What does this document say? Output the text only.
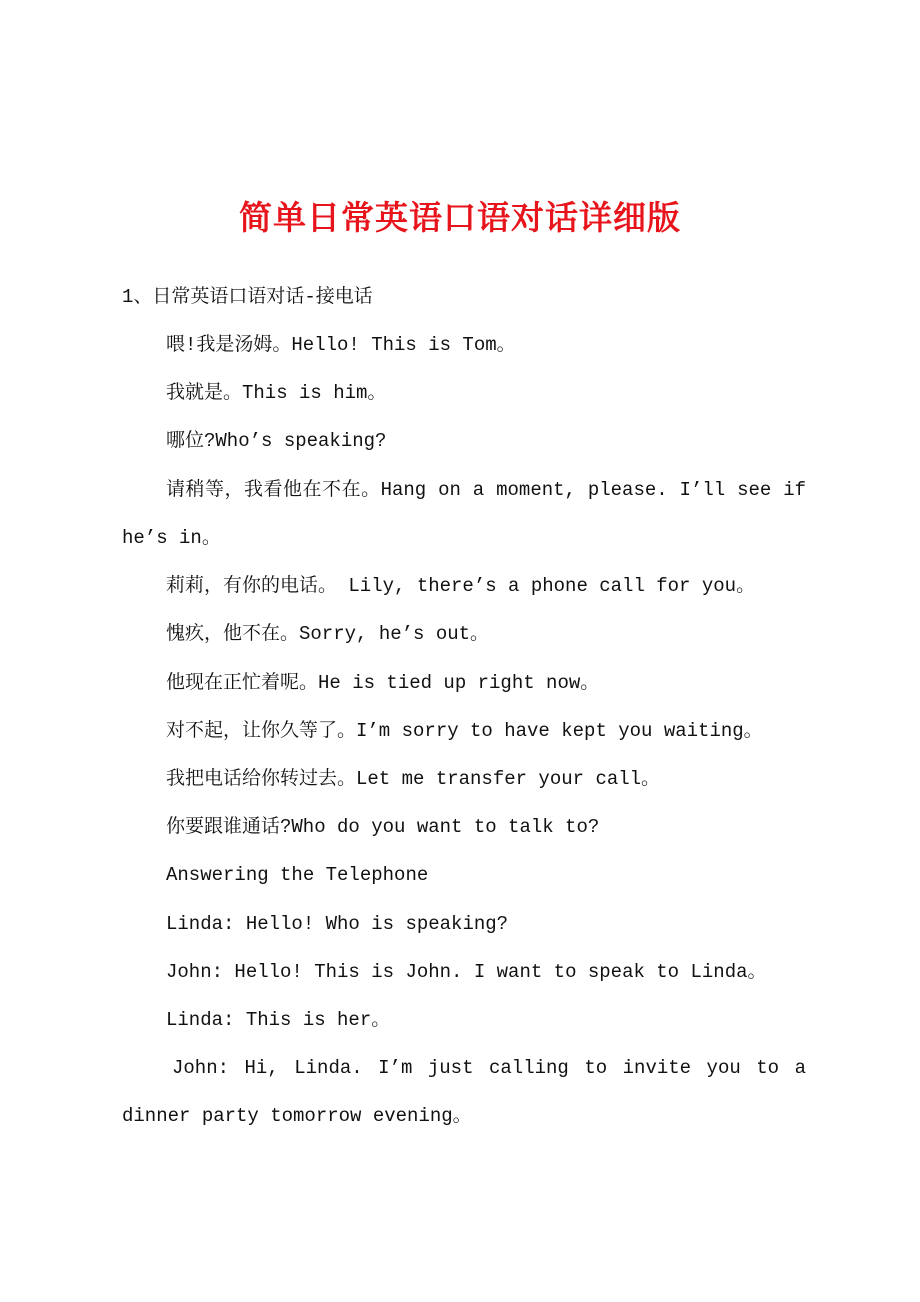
简单日常英语口语对话详细版
1、日常英语口语对话-接电话
喂!我是汤姆。Hello! This is Tom。
我就是。This is him。
哪位?Who’s speaking?
请稍等，我看他在不在。Hang on a moment, please. I’ll see if
he’s in。
莉莉，有你的电话。 Lily, there’s a phone call for you。
愧疚，他不在。Sorry, he’s out。
他现在正忙着呢。He is tied up right now。
对不起，让你久等了。I’m sorry to have kept you waiting。
我把电话给你转过去。Let me transfer your call。
你要跟谁通话?Who do you want to talk to?
Answering the Telephone
Linda: Hello! Who is speaking?
John: Hello! This is John. I want to speak to Linda。
Linda: This is her。
John: Hi, Linda. I’m just calling to invite you to a
dinner party tomorrow evening。
